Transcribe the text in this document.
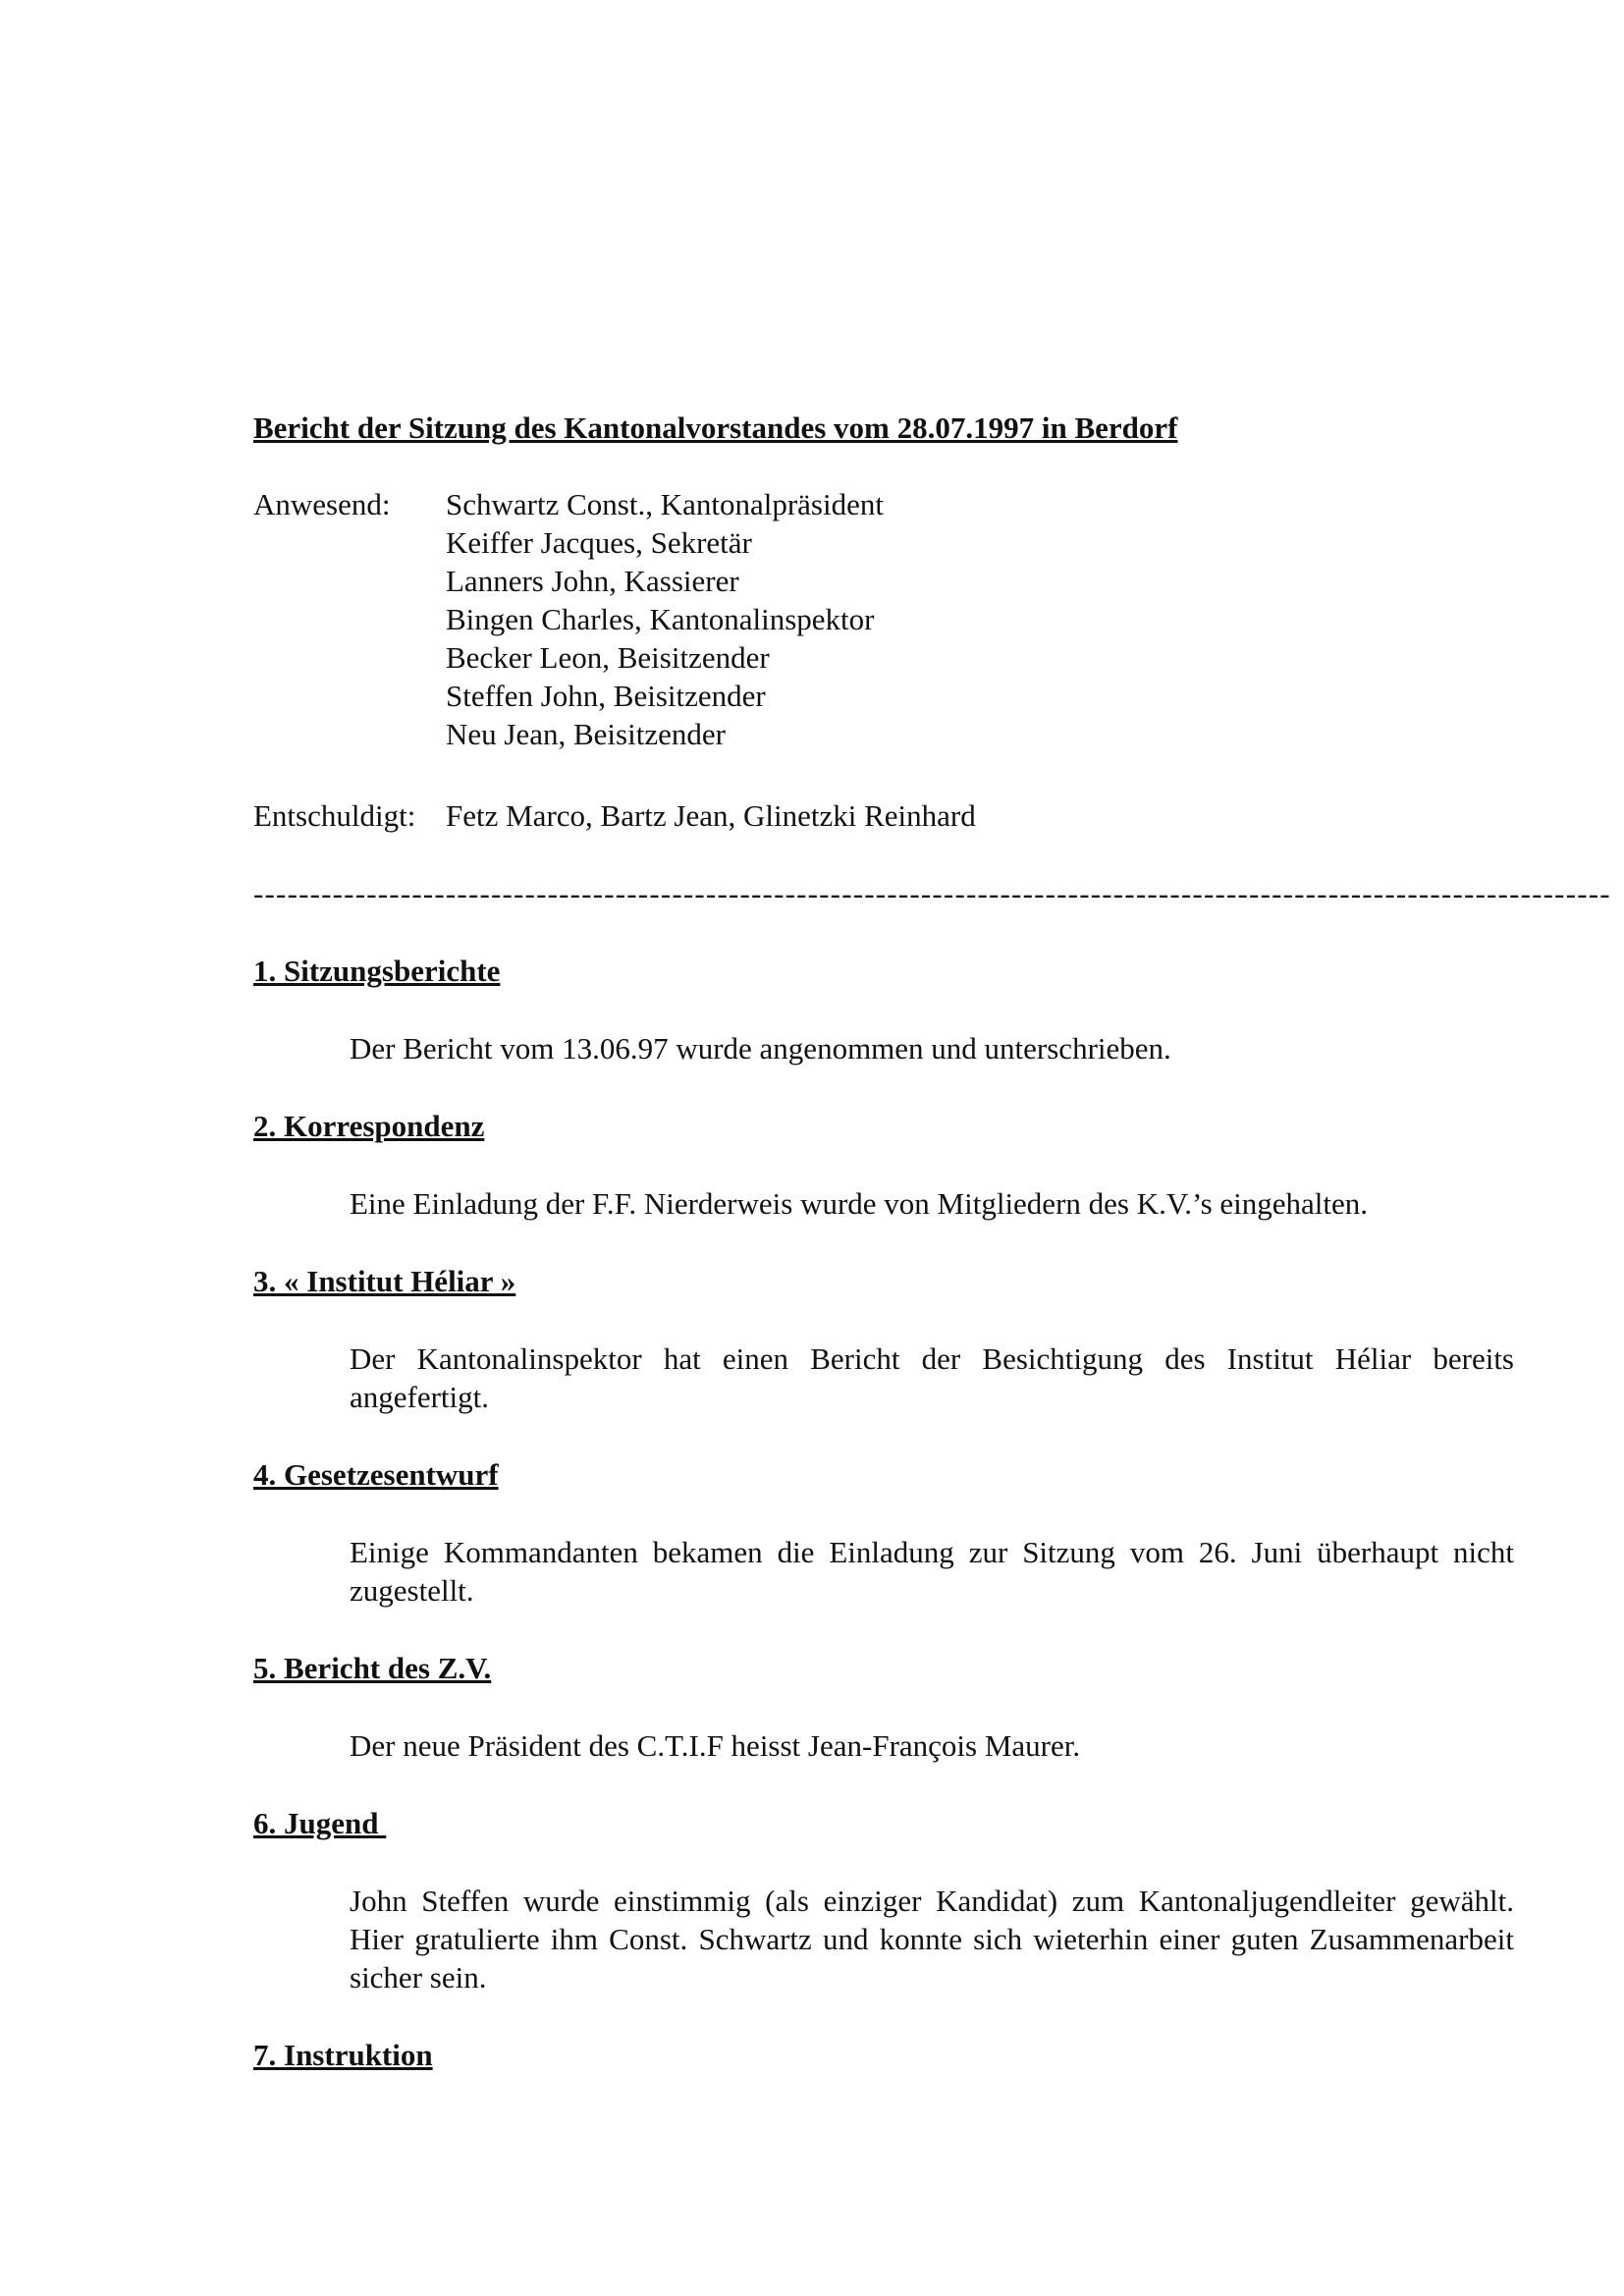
Bericht der Sitzung des Kantonalvorstandes vom 28.07.1997 in Berdorf
Anwesend:	Schwartz Const., Kantonalpräsident
Keiffer Jacques, Sekretär
Lanners John, Kassierer
Bingen Charles, Kantonalinspektor
Becker Leon, Beisitzender
Steffen John, Beisitzender
Neu Jean, Beisitzender
Entschuldigt: Fetz Marco, Bartz Jean, Glinetzki Reinhard
------------------------------------------------------------------------------------------------------------------------
1. Sitzungsberichte
Der Bericht vom 13.06.97 wurde angenommen und unterschrieben.
2. Korrespondenz
Eine Einladung der F.F. Nierderweis wurde von Mitgliedern des K.V.’s eingehalten.
3. « Institut Héliar »
Der Kantonalinspektor hat einen Bericht der Besichtigung des Institut Héliar bereits angefertigt.
4. Gesetzesentwurf
Einige Kommandanten bekamen die Einladung zur Sitzung vom 26. Juni überhaupt nicht zugestellt.
5. Bericht des Z.V.
Der neue Präsident des C.T.I.F heisst Jean-François Maurer.
6. Jugend
John Steffen wurde einstimmig (als einziger Kandidat) zum Kantonaljugendleiter gewählt. Hier gratulierte ihm Const. Schwartz und konnte sich wieterhin einer guten Zusammenarbeit sicher sein.
7. Instruktion
